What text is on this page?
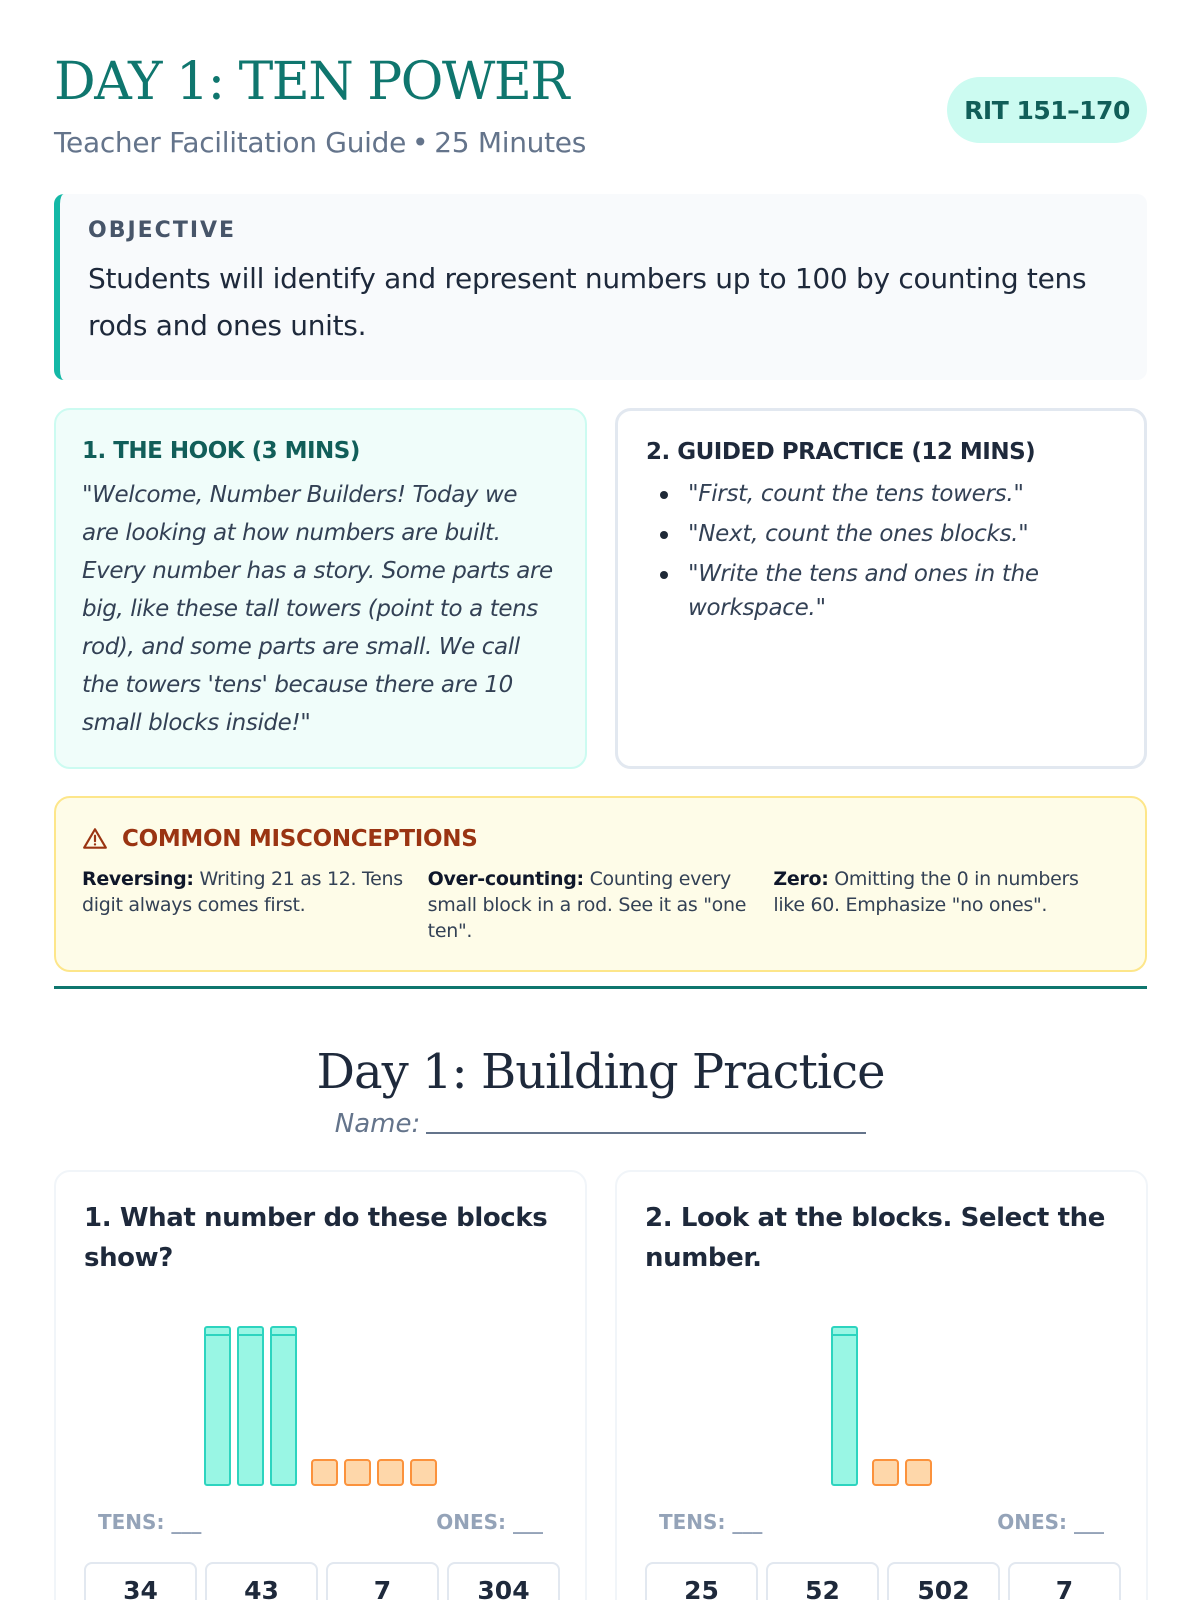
DAY 1: TEN POWER
Teacher Facilitation Guide • 25 Minutes
RIT 151–170
OBJECTIVE
Students will identify and represent numbers up to 100 by counting tens rods and ones units.
1. THE HOOK (3 MINS)
"Welcome, Number Builders! Today we are looking at how numbers are built. Every number has a story. Some parts are big, like these tall towers (point to a tens rod), and some parts are small. We call the towers 'tens' because there are 10 small blocks inside!"
2. GUIDED PRACTICE (12 MINS)
"First, count the tens towers."
"Next, count the ones blocks."
"Write the tens and ones in the workspace."
COMMON MISCONCEPTIONS
Reversing: Writing 21 as 12. Tens digit always comes first.
Over-counting: Counting every small block in a rod. See it as "one ten".
Zero: Omitting the 0 in numbers like 60. Emphasize "no ones".
Day 1: Building Practice
Name:
1. What number do these blocks show?
TENS: ___	ONES: ___
34	43	7	304
2. Look at the blocks. Select the number.
TENS: ___	ONES: ___
25	52	502	7
